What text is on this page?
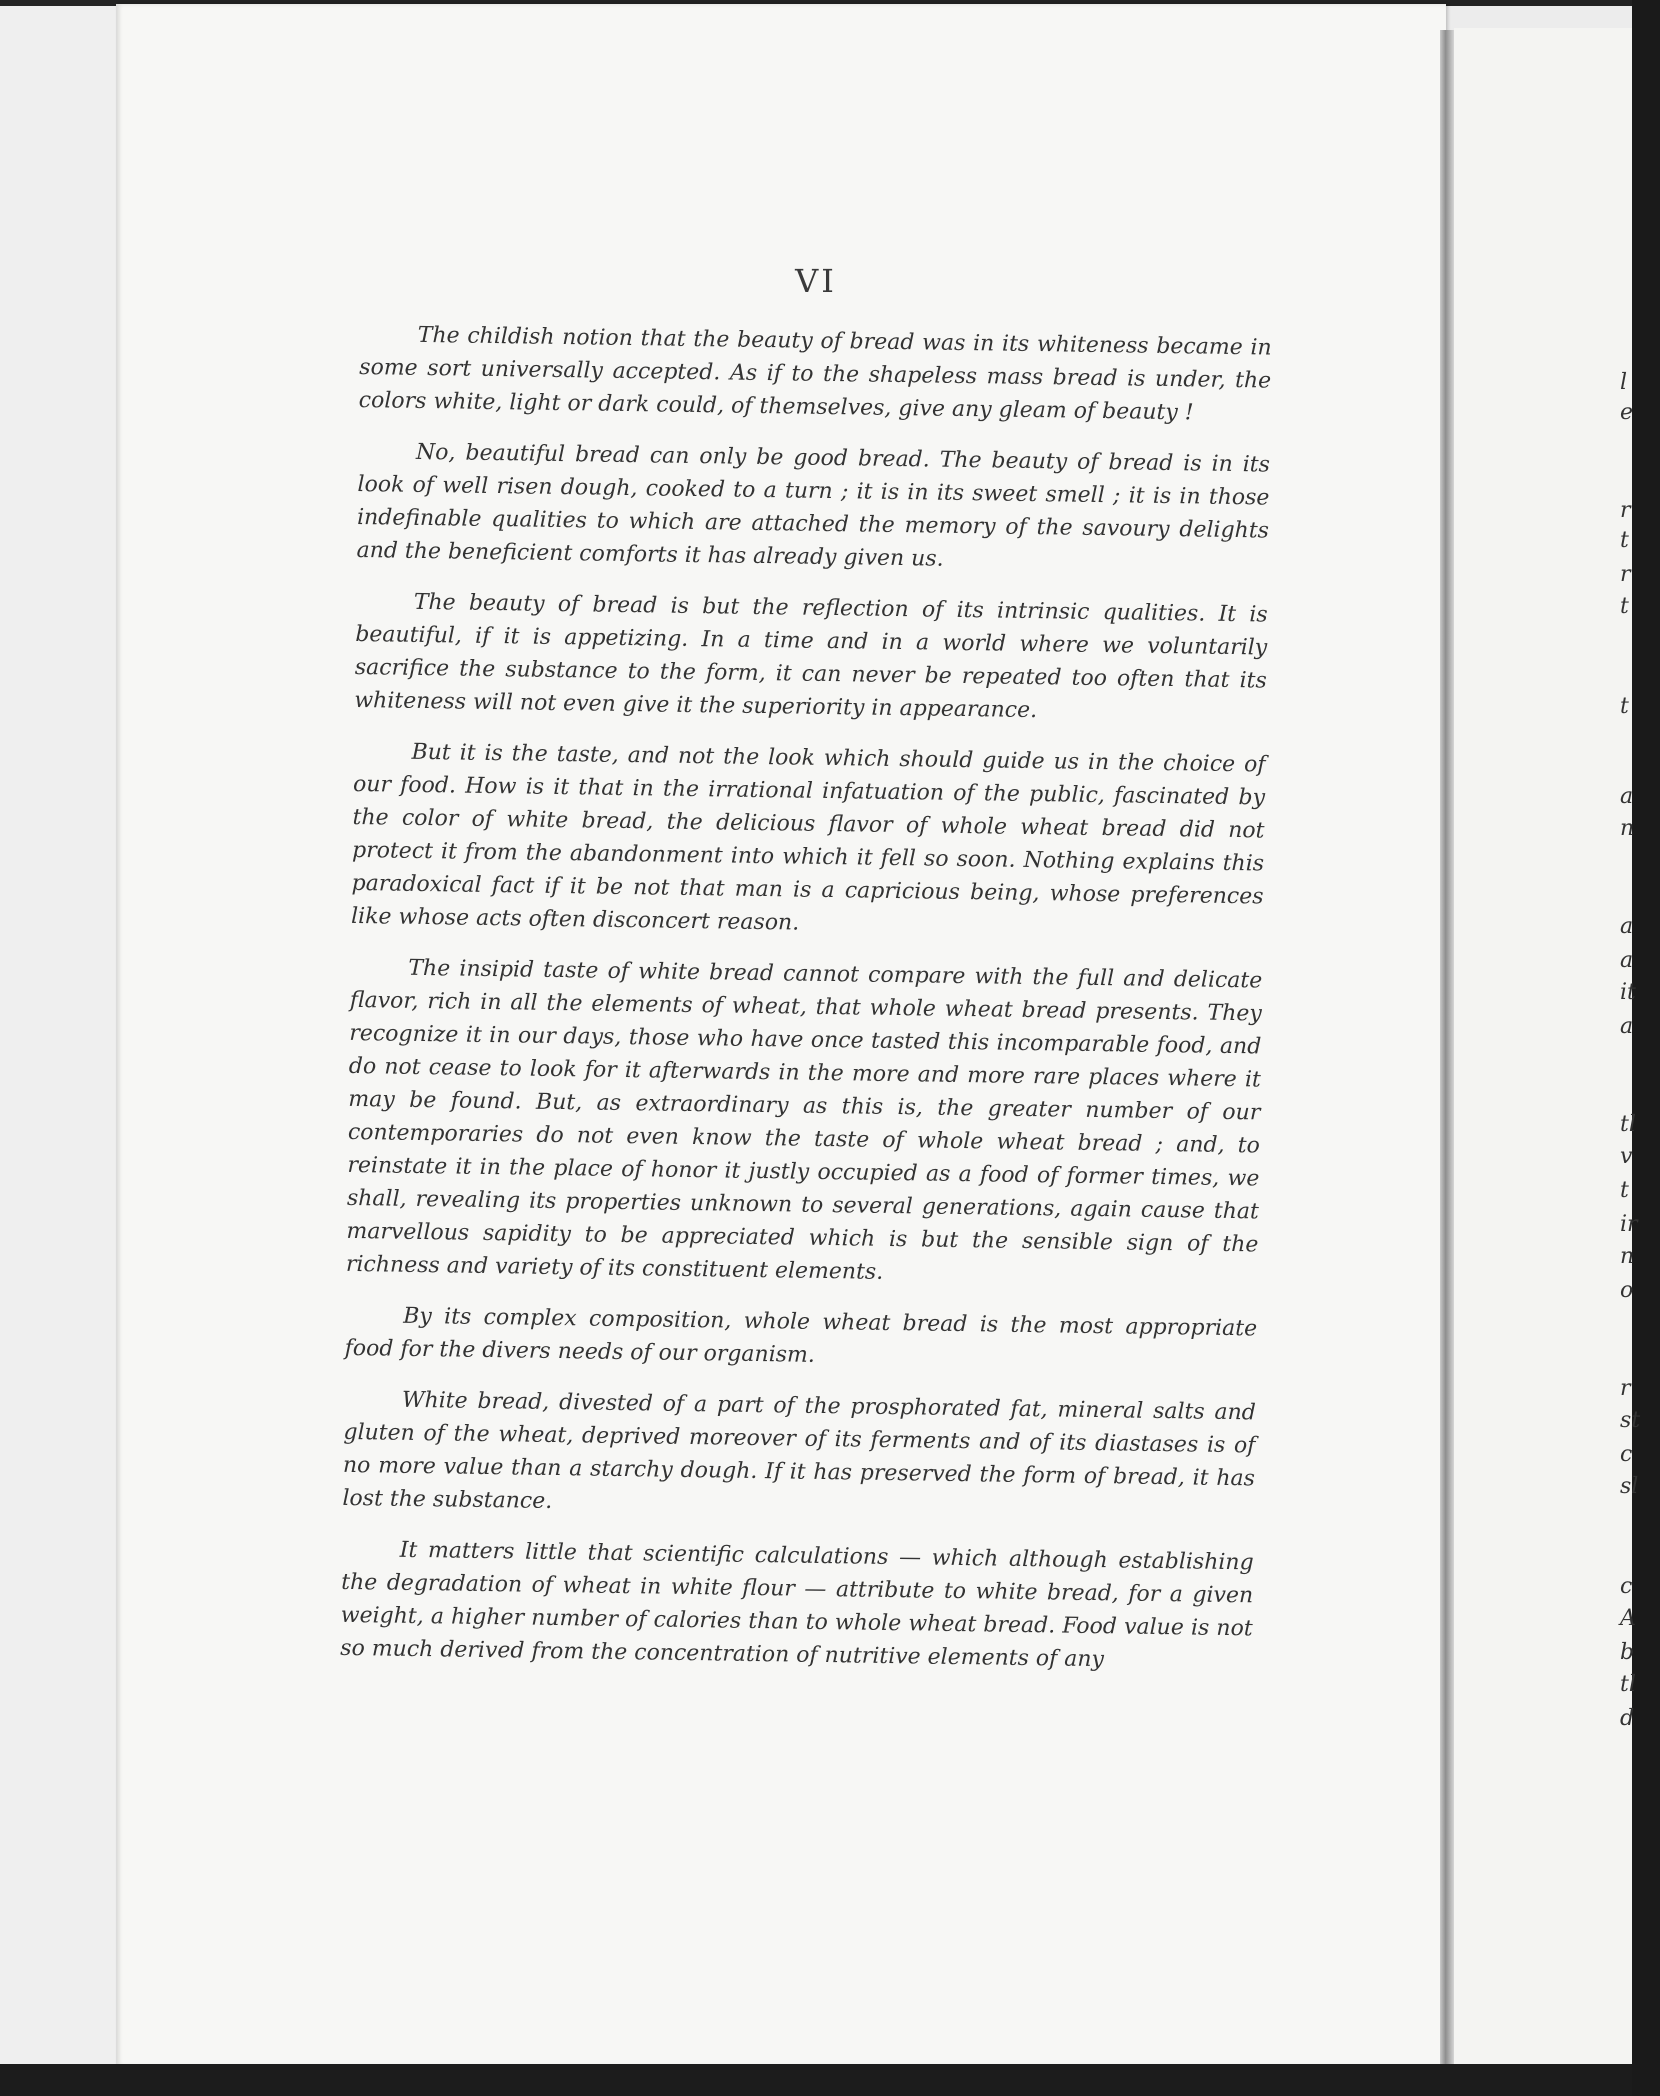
VI

The childish notion that the beauty of bread was in its whiteness became in some sort universally accepted. As if to the shapeless mass bread is under, the colors white, light or dark could, of themselves, give any gleam of beauty !

No, beautiful bread can only be good bread. The beauty of bread is in its look of well risen dough, cooked to a turn ; it is in its sweet smell ; it is in those indefinable qualities to which are attached the memory of the savoury delights and the beneficient comforts it has already given us.

The beauty of bread is but the reflection of its intrinsic qualities. It is beautiful, if it is appetizing. In a time and in a world where we voluntarily sacrifice the substance to the form, it can never be repeated too often that its whiteness will not even give it the superiority in appearance.

But it is the taste, and not the look which should guide us in the choice of our food. How is it that in the irrational infatuation of the public, fascinated by the color of white bread, the delicious flavor of whole wheat bread did not protect it from the abandonment into which it fell so soon. Nothing explains this paradoxical fact if it be not that man is a capricious being, whose preferences like whose acts often disconcert reason.

The insipid taste of white bread cannot compare with the full and delicate flavor, rich in all the elements of wheat, that whole wheat bread presents. They recognize it in our days, those who have once tasted this incomparable food, and do not cease to look for it afterwards in the more and more rare places where it may be found. But, as extraordinary as this is, the greater number of our contemporaries do not even know the taste of whole wheat bread ; and, to reinstate it in the place of honor it justly occupied as a food of former times, we shall, revealing its properties unknown to several generations, again cause that marvellous sapidity to be appreciated which is but the sensible sign of the richness and variety of its constituent elements.

By its complex composition, whole wheat bread is the most appropriate food for the divers needs of our organism.

White bread, divested of a part of the prosphorated fat, mineral salts and gluten of the wheat, deprived moreover of its ferments and of its diastases is of no more value than a starchy dough. If it has preserved the form of bread, it has lost the substance.

It matters little that scientific calculations — which although establishing the degradation of wheat in white flour — attribute to white bread, for a given weight, a higher number of calories than to whole wheat bread. Food value is not so much derived from the concentration of nutritive elements of any

l
e
r
t
r
t
t
a
n
a
a
it
a
tl
v
t
ir
n
o
r
st
c
sl
c
A
b
tl
d
